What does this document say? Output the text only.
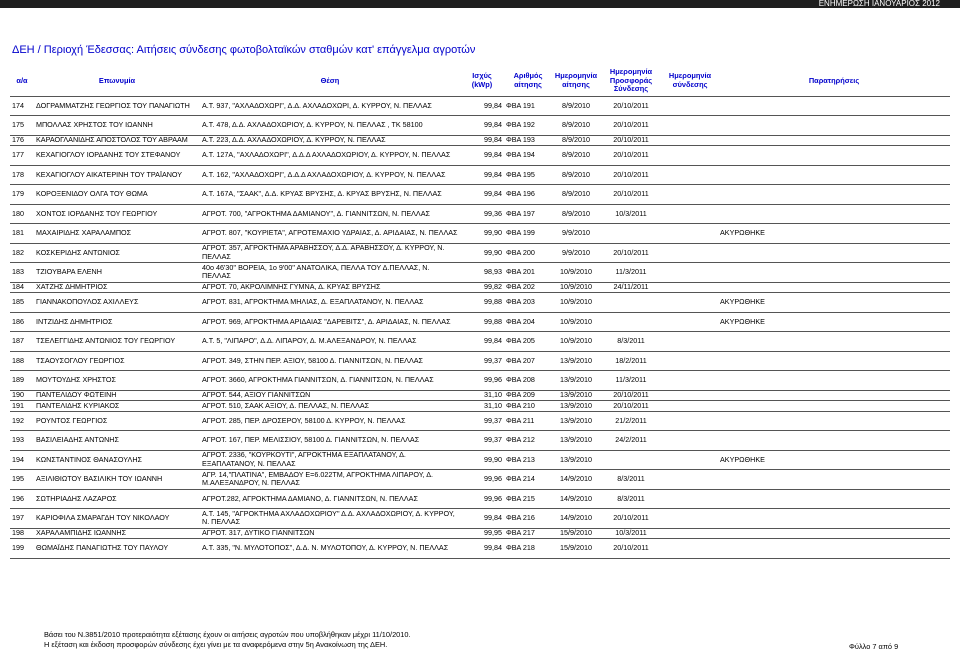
ΕΝΗΜΕΡΩΣΗ ΙΑΝΟΥΑΡΙΟΣ 2012
ΔΕΗ / Περιοχή Έδεσσας: Αιτήσεις σύνδεσης φωτοβολταϊκών σταθμών κατ' επάγγελμα αγροτών
α/α	Επωνυμία	Θέση	Ισχύς (kWp)	Αριθμός αίτησης	Ημερομηνία αίτησης	Ημερομηνία Προσφοράς Σύνδεσης	Ημερομηνία σύνδεσης	Παρατηρήσεις
174	ΔΟΓΡΑΜΜΑΤΖΗΣ ΓΕΩΡΓΙΟΣ ΤΟΥ ΠΑΝΑΓΙΩΤΗ	Α.Τ. 937, "ΑΧΛΑΔΟΧΩΡΙ", Δ.Δ. ΑΧΛΑΔΟΧΩΡΙ, Δ. ΚΥΡΡΟΥ, Ν. ΠΕΛΛΑΣ	99,84	ΦΒΑ 191	8/9/2010	20/10/2011		
175	ΜΠΟΛΛΑΣ ΧΡΗΣΤΟΣ ΤΟΥ ΙΩΑΝΝΗ	Α.Τ. 478, Δ.Δ. ΑΧΛΑΔΟΧΩΡΙΟΥ, Δ. ΚΥΡΡΟΥ, Ν. ΠΕΛΛΑΣ , ΤΚ 58100	99,84	ΦΒΑ 192	8/9/2010	20/10/2011		
176	ΚΑΡΑΟΓΛΑΝΙΔΗΣ ΑΠΟΣΤΟΛΟΣ ΤΟΥ ΑΒΡΑΑΜ	Α.Τ. 223, Δ.Δ. ΑΧΛΑΔΟΧΩΡΙΟΥ, Δ. ΚΥΡΡΟΥ, Ν. ΠΕΛΛΑΣ	99,84	ΦΒΑ 193	8/9/2010	20/10/2011		
177	ΚΕΧΑΓΙΟΓΛΟΥ ΙΟΡΔΑΝΗΣ ΤΟΥ ΣΤΕΦΑΝΟΥ	Α.Τ. 127Α, "ΑΧΛΑΔΟΧΩΡΙ", Δ.Δ.Δ ΑΧΛΑΔΟΧΩΡΙΟΥ, Δ. ΚΥΡΡΟΥ, Ν. ΠΕΛΛΑΣ	99,84	ΦΒΑ 194	8/9/2010	20/10/2011		
178	ΚΕΧΑΓΙΟΓΛΟΥ ΑΙΚΑΤΕΡΙΝΗ ΤΟΥ ΤΡΑΪΑΝΟΥ	Α.Τ. 162, "ΑΧΛΑΔΟΧΩΡΙ", Δ.Δ.Δ ΑΧΛΑΔΟΧΩΡΙΟΥ, Δ. ΚΥΡΡΟΥ, Ν. ΠΕΛΛΑΣ	99,84	ΦΒΑ 195	8/9/2010	20/10/2011		
179	ΚΟΡΟΞΕΝΙΔΟΥ ΟΛΓΑ ΤΟΥ ΘΩΜΑ	Α.Τ. 167Α, "ΣΑΑΚ", Δ.Δ. ΚΡΥΑΣ ΒΡΥΣΗΣ, Δ. ΚΡΥΑΣ ΒΡΥΣΗΣ, Ν. ΠΕΛΛΑΣ	99,84	ΦΒΑ 196	8/9/2010	20/10/2011		
180	ΧΟΝΤΟΣ ΙΟΡΔΑΝΗΣ ΤΟΥ ΓΕΩΡΓΙΟΥ	ΑΓΡΟΤ. 700, "ΑΓΡΟΚΤΗΜΑ ΔΑΜΙΑΝΟΥ", Δ. ΓΙΑΝΝΙΤΣΩΝ, Ν. ΠΕΛΛΑΣ	99,36	ΦΒΑ 197	8/9/2010	10/3/2011		
181	ΜΑΧΑΙΡΙΔΗΣ ΧΑΡΑΛΑΜΠΟΣ	ΑΓΡΟΤ. 807, "ΚΟΥΡΙΕΤΑ", ΑΓΡΟΤΕΜΑΧΙΟ ΥΔΡΑΙΑΣ, Δ. ΑΡΙΔΑΙΑΣ, Ν. ΠΕΛΛΑΣ	99,90	ΦΒΑ 199	9/9/2010			ΑΚΥΡΩΘΗΚΕ
182	ΚΟΣΚΕΡΙΔΗΣ ΑΝΤΩΝΙΟΣ	ΑΓΡΟΤ. 357, ΑΓΡΟΚΤΗΜΑ ΑΡΑΒΗΣΣΟΥ, Δ.Δ. ΑΡΑΒΗΣΣΟΥ, Δ. ΚΥΡΡΟΥ, Ν. ΠΕΛΛΑΣ	99,90	ΦΒΑ 200	9/9/2010	20/10/2011		
183	ΤΖΙΟΥΒΑΡΑ ΕΛΕΝΗ	40ο 46'30'' ΒΟΡΕΙΑ, 1ο 9'00'' ΑΝΑΤΟΛΙΚΑ, ΠΕΛΛΑ ΤΟΥ Δ.ΠΕΛΛΑΣ, Ν. ΠΕΛΛΑΣ	98,93	ΦΒΑ 201	10/9/2010	11/3/2011		
184	ΧΑΤΖΗΣ ΔΗΜΗΤΡΙΟΣ	ΑΓΡΟΤ. 70, ΑΚΡΟΛΙΜΝΗΣ ΓΥΜΝΑ, Δ. ΚΡΥΑΣ ΒΡΥΣΗΣ	99,82	ΦΒΑ 202	10/9/2010	24/11/2011		
185	ΓΙΑΝΝΑΚΟΠΟΥΛΟΣ ΑΧΙΛΛΕΥΣ	ΑΓΡΟΤ. 831, ΑΓΡΟΚΤΗΜΑ ΜΗΛΙΑΣ, Δ. ΕΞΑΠΛΑΤΑΝΟΥ, Ν. ΠΕΛΛΑΣ	99,88	ΦΒΑ 203	10/9/2010			ΑΚΥΡΩΘΗΚΕ
186	ΙΝΤΖΙΔΗΣ ΔΗΜΗΤΡΙΟΣ	ΑΓΡΟΤ. 969, ΑΓΡΟΚΤΗΜΑ ΑΡΙΔΑΙΑΣ "ΔΑΡΕΒΙΤΣ", Δ. ΑΡΙΔΑΙΑΣ, Ν. ΠΕΛΛΑΣ	99,88	ΦΒΑ 204	10/9/2010			ΑΚΥΡΩΘΗΚΕ
187	ΤΣΕΛΕΓΓΙΔΗΣ ΑΝΤΩΝΙΟΣ ΤΟΥ ΓΕΩΡΓΙΟΥ	Α.Τ. 5, "ΛΙΠΑΡΟ", Δ.Δ. ΛΙΠΑΡΟΥ, Δ. Μ.ΑΛΕΞΑΝΔΡΟΥ, Ν. ΠΕΛΛΑΣ	99,84	ΦΒΑ 205	10/9/2010	8/3/2011		
188	ΤΣΑΟΥΣΟΓΛΟΥ ΓΕΩΡΓΙΟΣ	ΑΓΡΟΤ. 349, ΣΤΗΝ ΠΕΡ. ΑΞΙΟΥ, 58100 Δ. ΓΙΑΝΝΙΤΣΩΝ, Ν. ΠΕΛΛΑΣ	99,37	ΦΒΑ 207	13/9/2010	18/2/2011		
189	ΜΟΥΤΟΥΔΗΣ ΧΡΗΣΤΟΣ	ΑΓΡΟΤ. 3660, ΑΓΡΟΚΤΗΜΑ ΓΙΑΝΝΙΤΣΩΝ, Δ. ΓΙΑΝΝΙΤΣΩΝ, Ν. ΠΕΛΛΑΣ	99,96	ΦΒΑ 208	13/9/2010	11/3/2011		
190	ΠΑΝΤΕΛΙΔΟΥ ΦΩΤΕΙΝΗ	ΑΓΡΟΤ. 544, ΑΞΙΟΥ ΓΙΑΝΝΙΤΣΩΝ	31,10	ΦΒΑ 209	13/9/2010	20/10/2011		
191	ΠΑΝΤΕΛΙΔΗΣ ΚΥΡΙΑΚΟΣ	ΑΓΡΟΤ. 510, ΣΑΑΚ ΑΞΙΟΥ, Δ. ΠΕΛΛΑΣ, Ν. ΠΕΛΛΑΣ	31,10	ΦΒΑ 210	13/9/2010	20/10/2011		
192	ΡΟΥΝΤΟΣ ΓΕΩΡΓΙΟΣ	ΑΓΡΟΤ. 285, ΠΕΡ. ΔΡΟΣΕΡΟΥ, 58100 Δ. ΚΥΡΡΟΥ, Ν. ΠΕΛΛΑΣ	99,37	ΦΒΑ 211	13/9/2010	21/2/2011		
193	ΒΑΣΙΛΕΙΑΔΗΣ ΑΝΤΩΝΗΣ	ΑΓΡΟΤ. 167, ΠΕΡ. ΜΕΛΙΣΣΙΟΥ, 58100 Δ. ΓΙΑΝΝΙΤΣΩΝ, Ν. ΠΕΛΛΑΣ	99,37	ΦΒΑ 212	13/9/2010	24/2/2011		
194	ΚΩΝΣΤΑΝΤΙΝΟΣ ΘΑΝΑΣΟΥΛΗΣ	ΑΓΡΟΤ. 2336, "ΚΟΥΡΚΟΥΤΙ", ΑΓΡΟΚΤΗΜΑ ΕΞΑΠΛΑΤΑΝΟΥ, Δ. ΕΞΑΠΛΑΤΑΝΟΥ, Ν. ΠΕΛΛΑΣ	99,90	ΦΒΑ 213	13/9/2010			ΑΚΥΡΩΘΗΚΕ
195	ΑΞΙΛΙΘΙΩΤΟΥ ΒΑΣΙΛΙΚΗ ΤΟΥ ΙΩΑΝΝΗ	ΑΓΡ. 14,"ΠΛΑΤΙΝΑ", ΕΜΒΑΔΟΥ Ε=6.022ΤΜ, ΑΓΡΟΚΤΗΜΑ ΛΙΠΑΡΟΥ, Δ. Μ.ΑΛΕΞΑΝΔΡΟΥ, Ν. ΠΕΛΛΑΣ	99,96	ΦΒΑ 214	14/9/2010	8/3/2011		
196	ΣΩΤΗΡΙΑΔΗΣ ΛΑΖΑΡΟΣ	ΑΓΡΟΤ.282, ΑΓΡΟΚΤΗΜΑ ΔΑΜΙΑΝΟ, Δ. ΓΙΑΝΝΙΤΣΩΝ, Ν. ΠΕΛΛΑΣ	99,96	ΦΒΑ 215	14/9/2010	8/3/2011		
197	ΚΑΡΙΟΦΙΛΑ ΣΜΑΡΑΓΔΗ ΤΟΥ ΝΙΚΟΛΑΟΥ	Α.Τ. 145, "ΑΓΡΟΚΤΗΜΑ ΑΧΛΑΔΟΧΩΡΙΟΥ" Δ.Δ. ΑΧΛΑΔΟΧΩΡΙΟΥ, Δ. ΚΥΡΡΟΥ, Ν. ΠΕΛΛΑΣ	99,84	ΦΒΑ 216	14/9/2010	20/10/2011		
198	ΧΑΡΑΛΑΜΠΙΔΗΣ ΙΩΑΝΝΗΣ	ΑΓΡΟΤ. 317, ΔΥΤΙΚΟ ΓΙΑΝΝΙΤΣΩΝ	99,95	ΦΒΑ 217	15/9/2010	10/3/2011		
199	ΘΩΜΑΪΔΗΣ ΠΑΝΑΓΙΩΤΗΣ ΤΟΥ ΠΑΥΛΟΥ	Α.Τ. 335, "Ν. ΜΥΛΟΤΟΠΟΣ", Δ.Δ. Ν. ΜΥΛΟΤΟΠΟΥ, Δ. ΚΥΡΡΟΥ, Ν. ΠΕΛΛΑΣ	99,84	ΦΒΑ 218	15/9/2010	20/10/2011		
Βάσει του Ν.3851/2010 προτεραιότητα εξέτασης έχουν οι αιτήσεις αγροτών που υποβλήθηκαν μέχρι 11/10/2010.
Η εξέταση και έκδοση προσφορών σύνδεσης έχει γίνει με τα αναφερόμενα στην 5η Ανακοίνωση της ΔΕΗ.	Φύλλο 7 από 9
